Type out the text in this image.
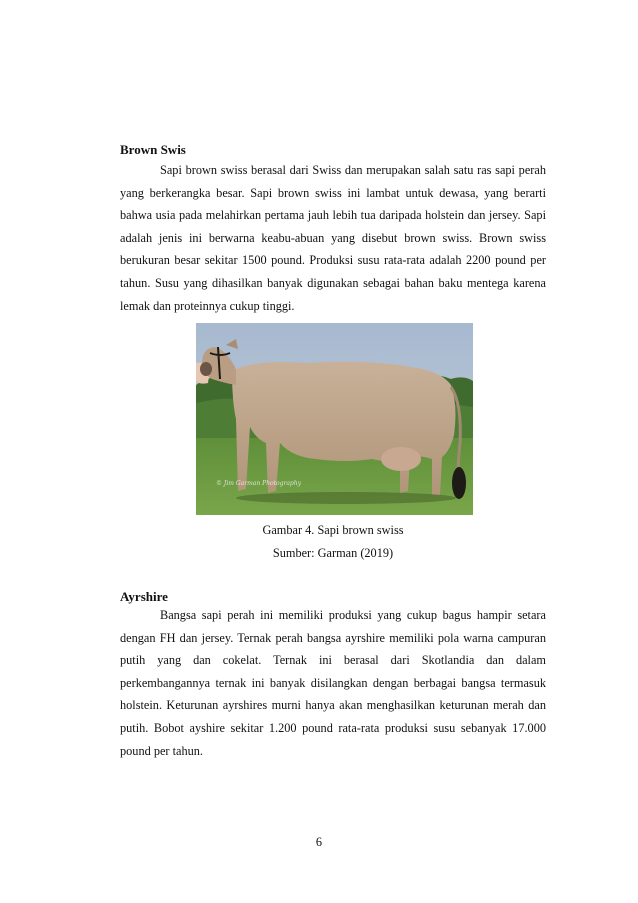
Brown Swis

Sapi brown swiss berasal dari Swiss dan merupakan salah satu ras sapi perah yang berkerangka besar. Sapi brown swiss ini lambat untuk dewasa, yang berarti bahwa usia pada melahirkan pertama jauh lebih tua daripada holstein dan jersey. Sapi adalah jenis ini berwarna keabu-abuan yang disebut brown swiss. Brown swiss berukuran besar sekitar 1500 pound. Produksi susu rata-rata adalah 2200 pound per tahun. Susu yang dihasilkan banyak digunakan sebagai bahan baku mentega karena lemak dan proteinnya cukup tinggi.

© Jim Garman Photography
Gambar 4. Sapi brown swiss
Sumber: Garman (2019)
Ayrshire

Bangsa sapi perah ini memiliki produksi yang cukup bagus hampir setara dengan FH dan jersey. Ternak perah bangsa ayrshire memiliki pola warna campuran putih yang dan cokelat. Ternak ini berasal dari Skotlandia dan dalam perkembangannya ternak ini banyak disilangkan dengan berbagai bangsa termasuk holstein. Keturunan ayrshires murni hanya akan menghasilkan keturunan merah dan putih. Bobot ayshire sekitar 1.200 pound rata-rata produksi susu sebanyak 17.000 pound per tahun.

6
